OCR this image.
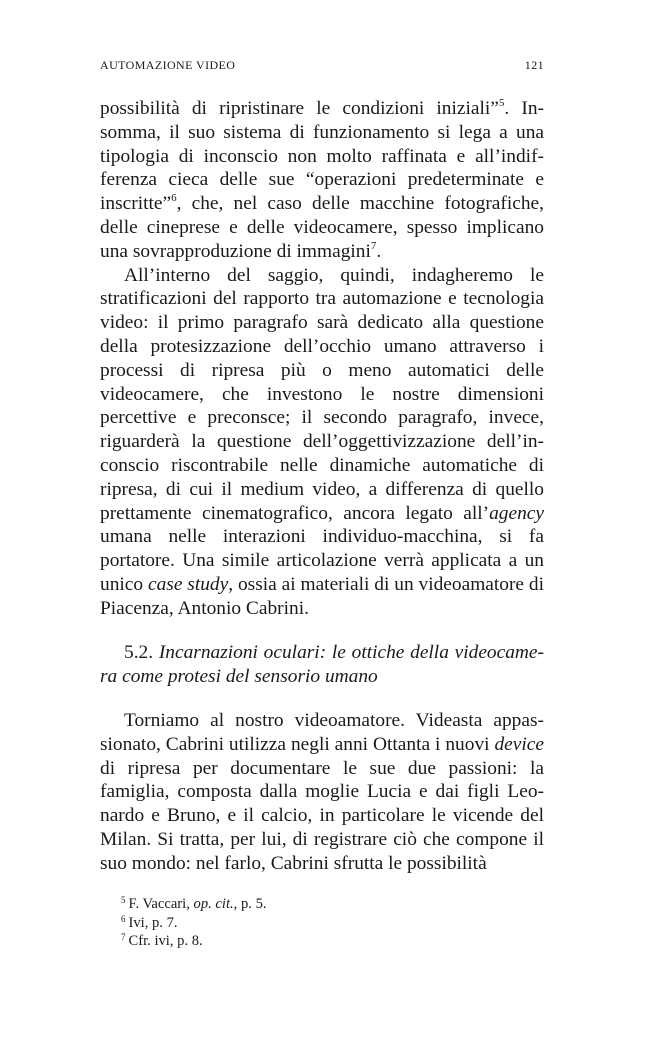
AUTOMAZIONE VIDEO	121

possibilità di ripristinare le condizioni iniziali”$^5$. Insomma, il suo sistema di funzionamento si lega a una tipologia di inconscio non molto raffinata e all’indifferenza cieca delle sue “operazioni predeterminate e inscritte”$^6$, che, nel caso delle macchine fotografiche, delle cineprese e delle videocamere, spesso implicano una sovrapproduzione di immagini$^7$.

All’interno del saggio, quindi, indagheremo le stratificazioni del rapporto tra automazione e tecnologia video: il primo paragrafo sarà dedicato alla questione della protesizzazione dell’occhio umano attraverso i processi di ripresa più o meno automatici delle videocamere, che investono le nostre dimensioni percettive e preconsce; il secondo paragrafo, invece, riguarderà la questione dell’oggettivizzazione dell’inconscio riscontrabile nelle dinamiche automatiche di ripresa, di cui il medium video, a differenza di quello prettamente cinematografico, ancora legato all’agency umana nelle interazioni individuo-macchina, si fa portatore. Una simile articolazione verrà applicata a un unico case study, ossia ai materiali di un videoamatore di Piacenza, Antonio Cabrini.

5.2. Incarnazioni oculari: le ottiche della videocamera come protesi del sensorio umano

Torniamo al nostro videoamatore. Videasta appassionato, Cabrini utilizza negli anni Ottanta i nuovi device di ripresa per documentare le sue due passioni: la famiglia, composta dalla moglie Lucia e dai figli Leonardo e Bruno, e il calcio, in particolare le vicende del Milan. Si tratta, per lui, di registrare ciò che compone il suo mondo: nel farlo, Cabrini sfrutta le possibilità

$^5$ F. Vaccari, op. cit., p. 5.
$^6$ Ivi, p. 7.
$^7$ Cfr. ivi, p. 8.
